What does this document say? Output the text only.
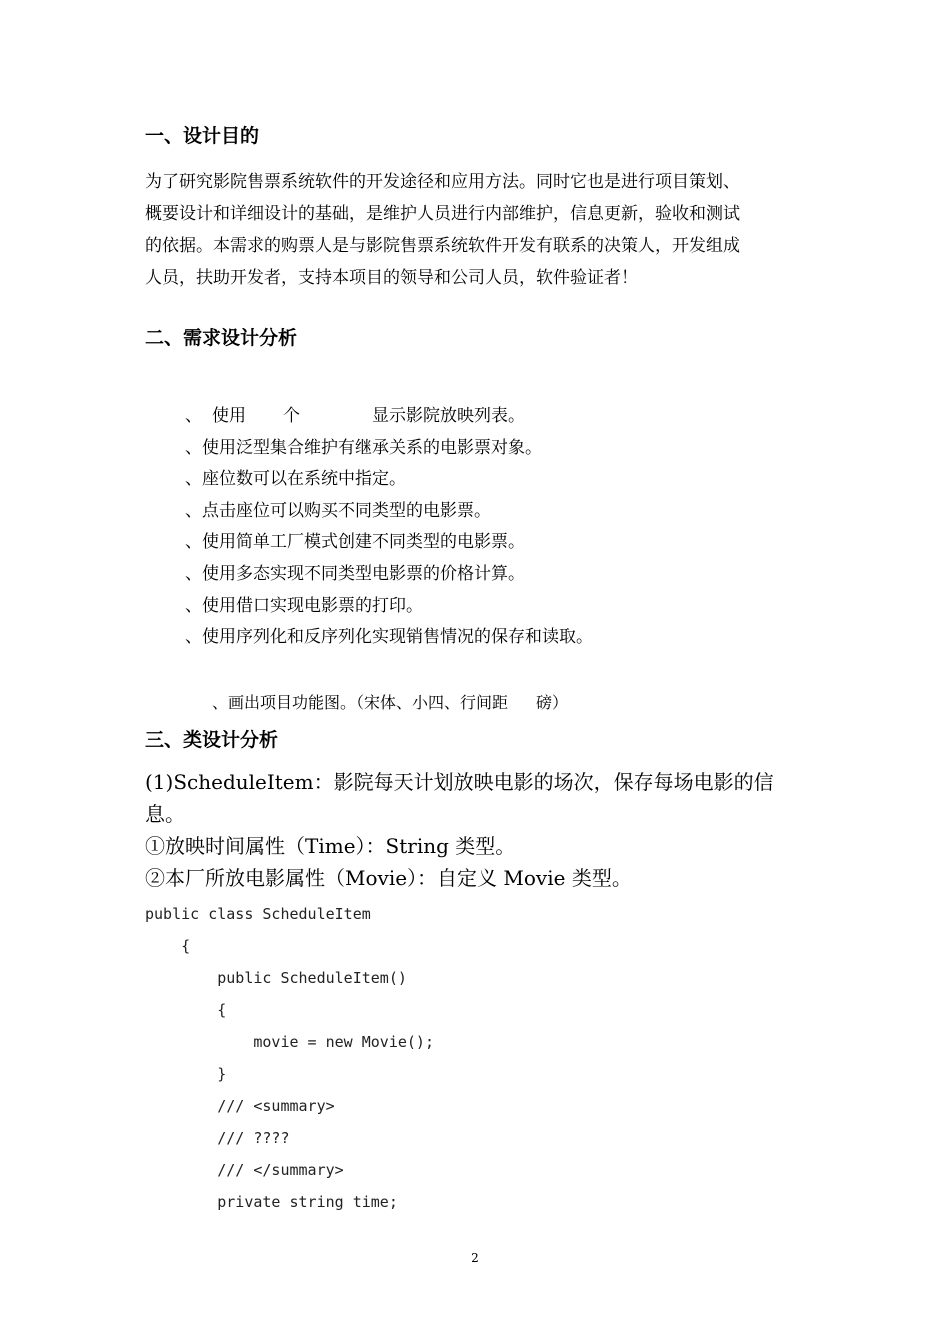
一、设计目的

为了研究影院售票系统软件的开发途径和应用方法。同时它也是进行项目策划、

概要设计和详细设计的基础，是维护人员进行内部维护，信息更新，验收和测试

的依据。本需求的购票人是与影院售票系统软件开发有联系的决策人，开发组成

人员，扶助开发者，支持本项目的领导和公司人员，软件验证者！

二、需求设计分析
、 使用 个	显示影院放映列表。
、使用泛型集合维护有继承关系的电影票对象。
、座位数可以在系统中指定。
、点击座位可以购买不同类型的电影票。
、使用简单工厂模式创建不同类型的电影票。
、使用多态实现不同类型电影票的价格计算。
、使用借口实现电影票的打印。
、使用序列化和反序列化实现销售情况的保存和读取。
、画出项目功能图。（宋体、小四、行间距 磅）
三、类设计分析
(1)ScheduleItem：影院每天计划放映电影的场次，保存每场电影的信
息。
①放映时间属性（Time）：String 类型。
②本厂所放电影属性（Movie）：自定义 Movie 类型。
public class ScheduleItem
{
public ScheduleItem()
{
movie = new Movie();
}
/// <summary>
/// ????
/// </summary>
private string time;
2
